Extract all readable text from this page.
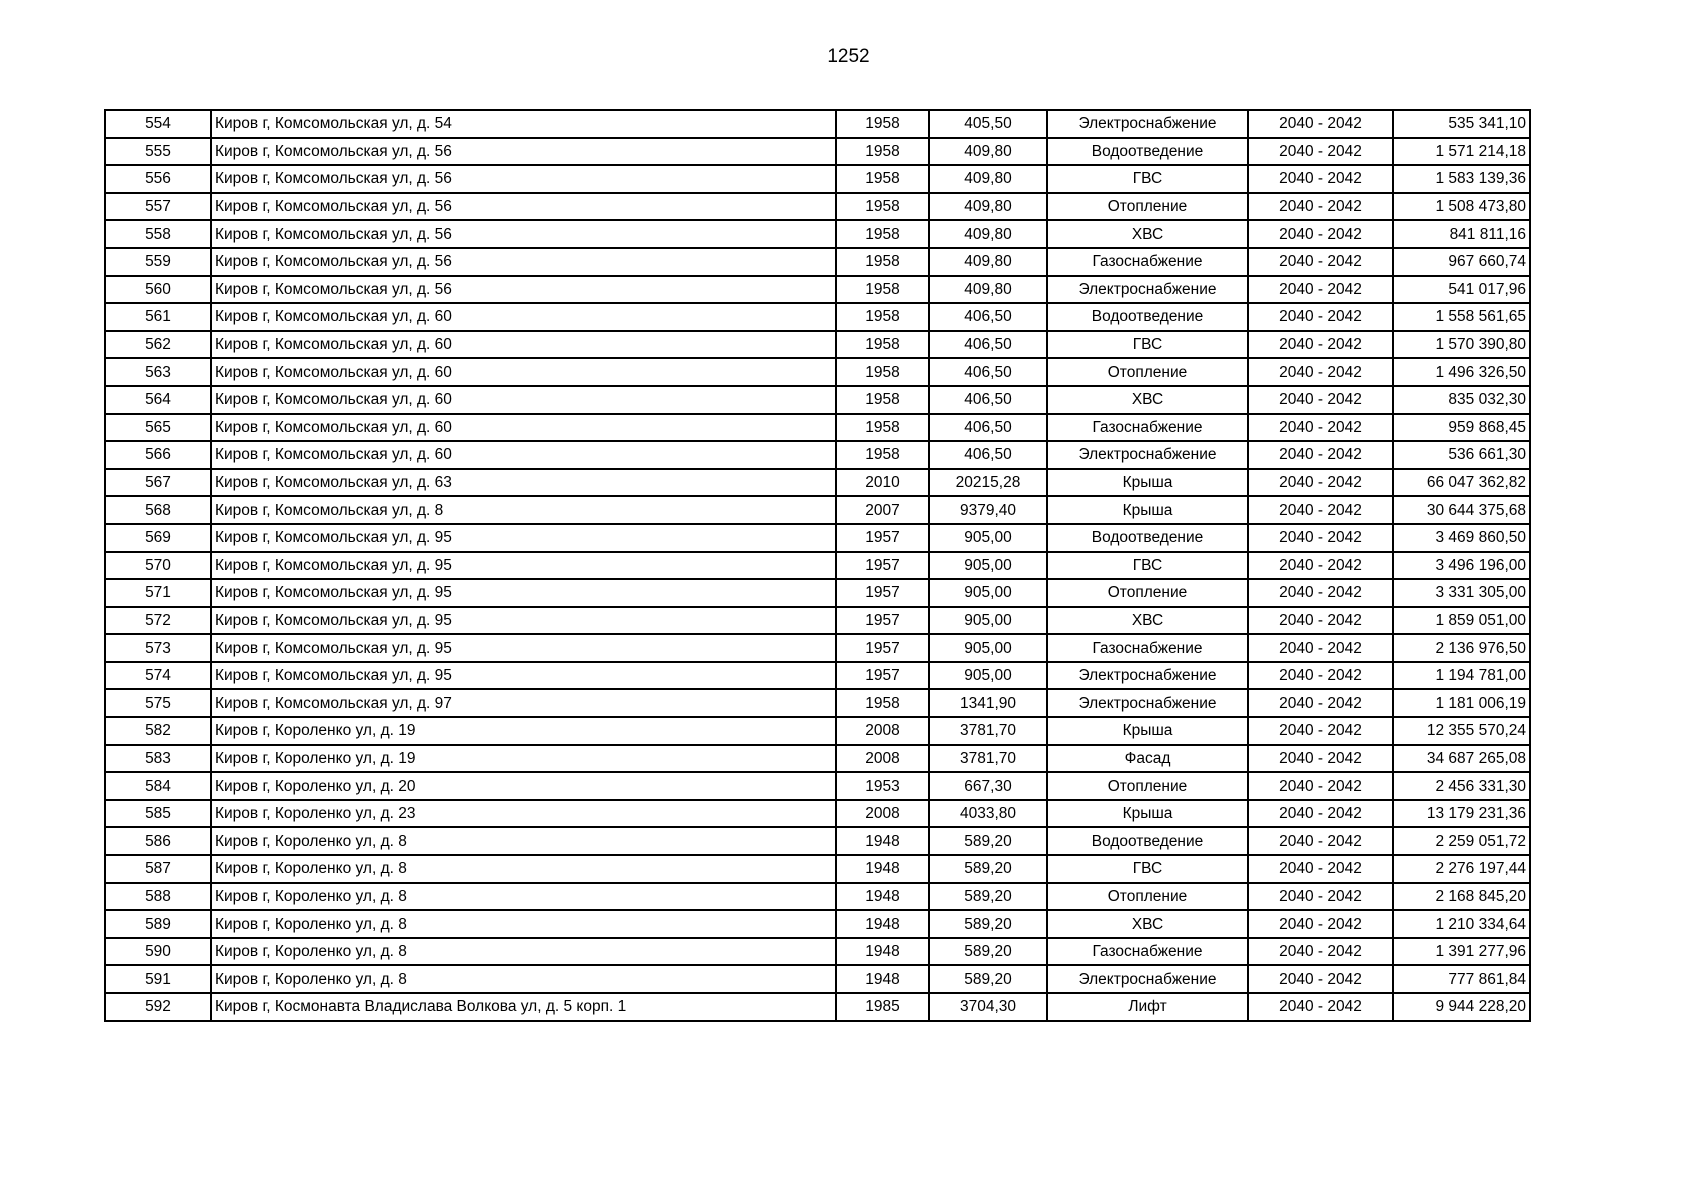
1252
554	Киров г, Комсомольская ул, д. 54	1958	405,50	Электроснабжение	2040 - 2042	535 341,10
555	Киров г, Комсомольская ул, д. 56	1958	409,80	Водоотведение	2040 - 2042	1 571 214,18
556	Киров г, Комсомольская ул, д. 56	1958	409,80	ГВС	2040 - 2042	1 583 139,36
557	Киров г, Комсомольская ул, д. 56	1958	409,80	Отопление	2040 - 2042	1 508 473,80
558	Киров г, Комсомольская ул, д. 56	1958	409,80	ХВС	2040 - 2042	841 811,16
559	Киров г, Комсомольская ул, д. 56	1958	409,80	Газоснабжение	2040 - 2042	967 660,74
560	Киров г, Комсомольская ул, д. 56	1958	409,80	Электроснабжение	2040 - 2042	541 017,96
561	Киров г, Комсомольская ул, д. 60	1958	406,50	Водоотведение	2040 - 2042	1 558 561,65
562	Киров г, Комсомольская ул, д. 60	1958	406,50	ГВС	2040 - 2042	1 570 390,80
563	Киров г, Комсомольская ул, д. 60	1958	406,50	Отопление	2040 - 2042	1 496 326,50
564	Киров г, Комсомольская ул, д. 60	1958	406,50	ХВС	2040 - 2042	835 032,30
565	Киров г, Комсомольская ул, д. 60	1958	406,50	Газоснабжение	2040 - 2042	959 868,45
566	Киров г, Комсомольская ул, д. 60	1958	406,50	Электроснабжение	2040 - 2042	536 661,30
567	Киров г, Комсомольская ул, д. 63	2010	20215,28	Крыша	2040 - 2042	66 047 362,82
568	Киров г, Комсомольская ул, д. 8	2007	9379,40	Крыша	2040 - 2042	30 644 375,68
569	Киров г, Комсомольская ул, д. 95	1957	905,00	Водоотведение	2040 - 2042	3 469 860,50
570	Киров г, Комсомольская ул, д. 95	1957	905,00	ГВС	2040 - 2042	3 496 196,00
571	Киров г, Комсомольская ул, д. 95	1957	905,00	Отопление	2040 - 2042	3 331 305,00
572	Киров г, Комсомольская ул, д. 95	1957	905,00	ХВС	2040 - 2042	1 859 051,00
573	Киров г, Комсомольская ул, д. 95	1957	905,00	Газоснабжение	2040 - 2042	2 136 976,50
574	Киров г, Комсомольская ул, д. 95	1957	905,00	Электроснабжение	2040 - 2042	1 194 781,00
575	Киров г, Комсомольская ул, д. 97	1958	1341,90	Электроснабжение	2040 - 2042	1 181 006,19
582	Киров г, Короленко ул, д. 19	2008	3781,70	Крыша	2040 - 2042	12 355 570,24
583	Киров г, Короленко ул, д. 19	2008	3781,70	Фасад	2040 - 2042	34 687 265,08
584	Киров г, Короленко ул, д. 20	1953	667,30	Отопление	2040 - 2042	2 456 331,30
585	Киров г, Короленко ул, д. 23	2008	4033,80	Крыша	2040 - 2042	13 179 231,36
586	Киров г, Короленко ул, д. 8	1948	589,20	Водоотведение	2040 - 2042	2 259 051,72
587	Киров г, Короленко ул, д. 8	1948	589,20	ГВС	2040 - 2042	2 276 197,44
588	Киров г, Короленко ул, д. 8	1948	589,20	Отопление	2040 - 2042	2 168 845,20
589	Киров г, Короленко ул, д. 8	1948	589,20	ХВС	2040 - 2042	1 210 334,64
590	Киров г, Короленко ул, д. 8	1948	589,20	Газоснабжение	2040 - 2042	1 391 277,96
591	Киров г, Короленко ул, д. 8	1948	589,20	Электроснабжение	2040 - 2042	777 861,84
592	Киров г, Космонавта Владислава Волкова ул, д. 5 корп. 1	1985	3704,30	Лифт	2040 - 2042	9 944 228,20
